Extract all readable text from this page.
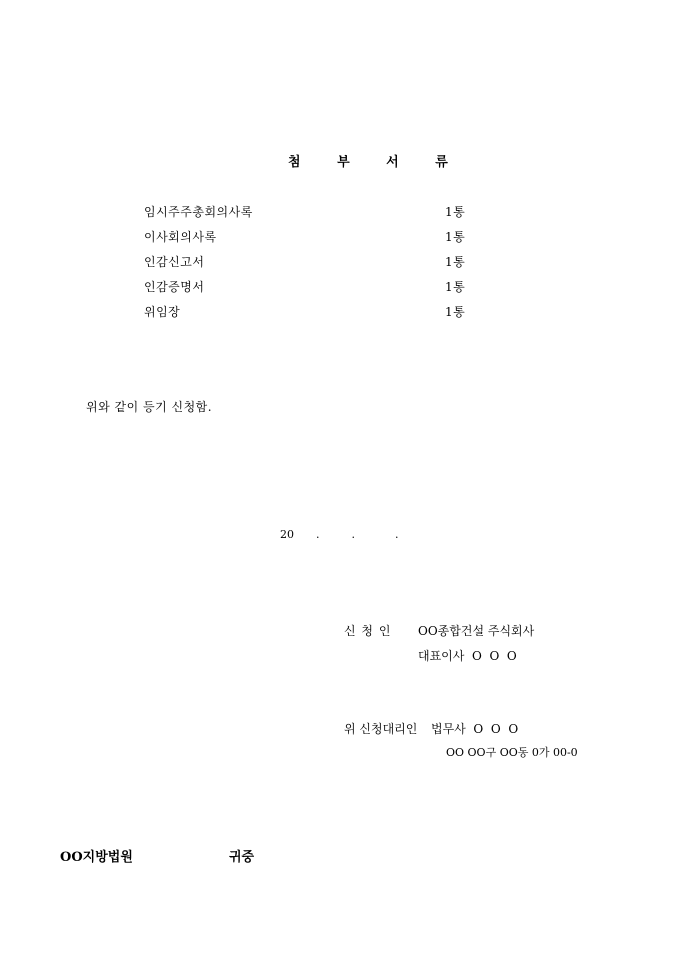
첨 부 서 류
임시주주총회의사록	1통
이사회의사록	1통
인감신고서	1통
인감증명서	1통
위임장	1통
위와 같이 등기 신청함.
20 .	.	.
신 청 인 OO종합건설 주식회사
대표이사  O  O  O
위 신청대리인 법무사  O  O  O
OO OO구 OO동 0가 00-0
OO지방법원	귀중
